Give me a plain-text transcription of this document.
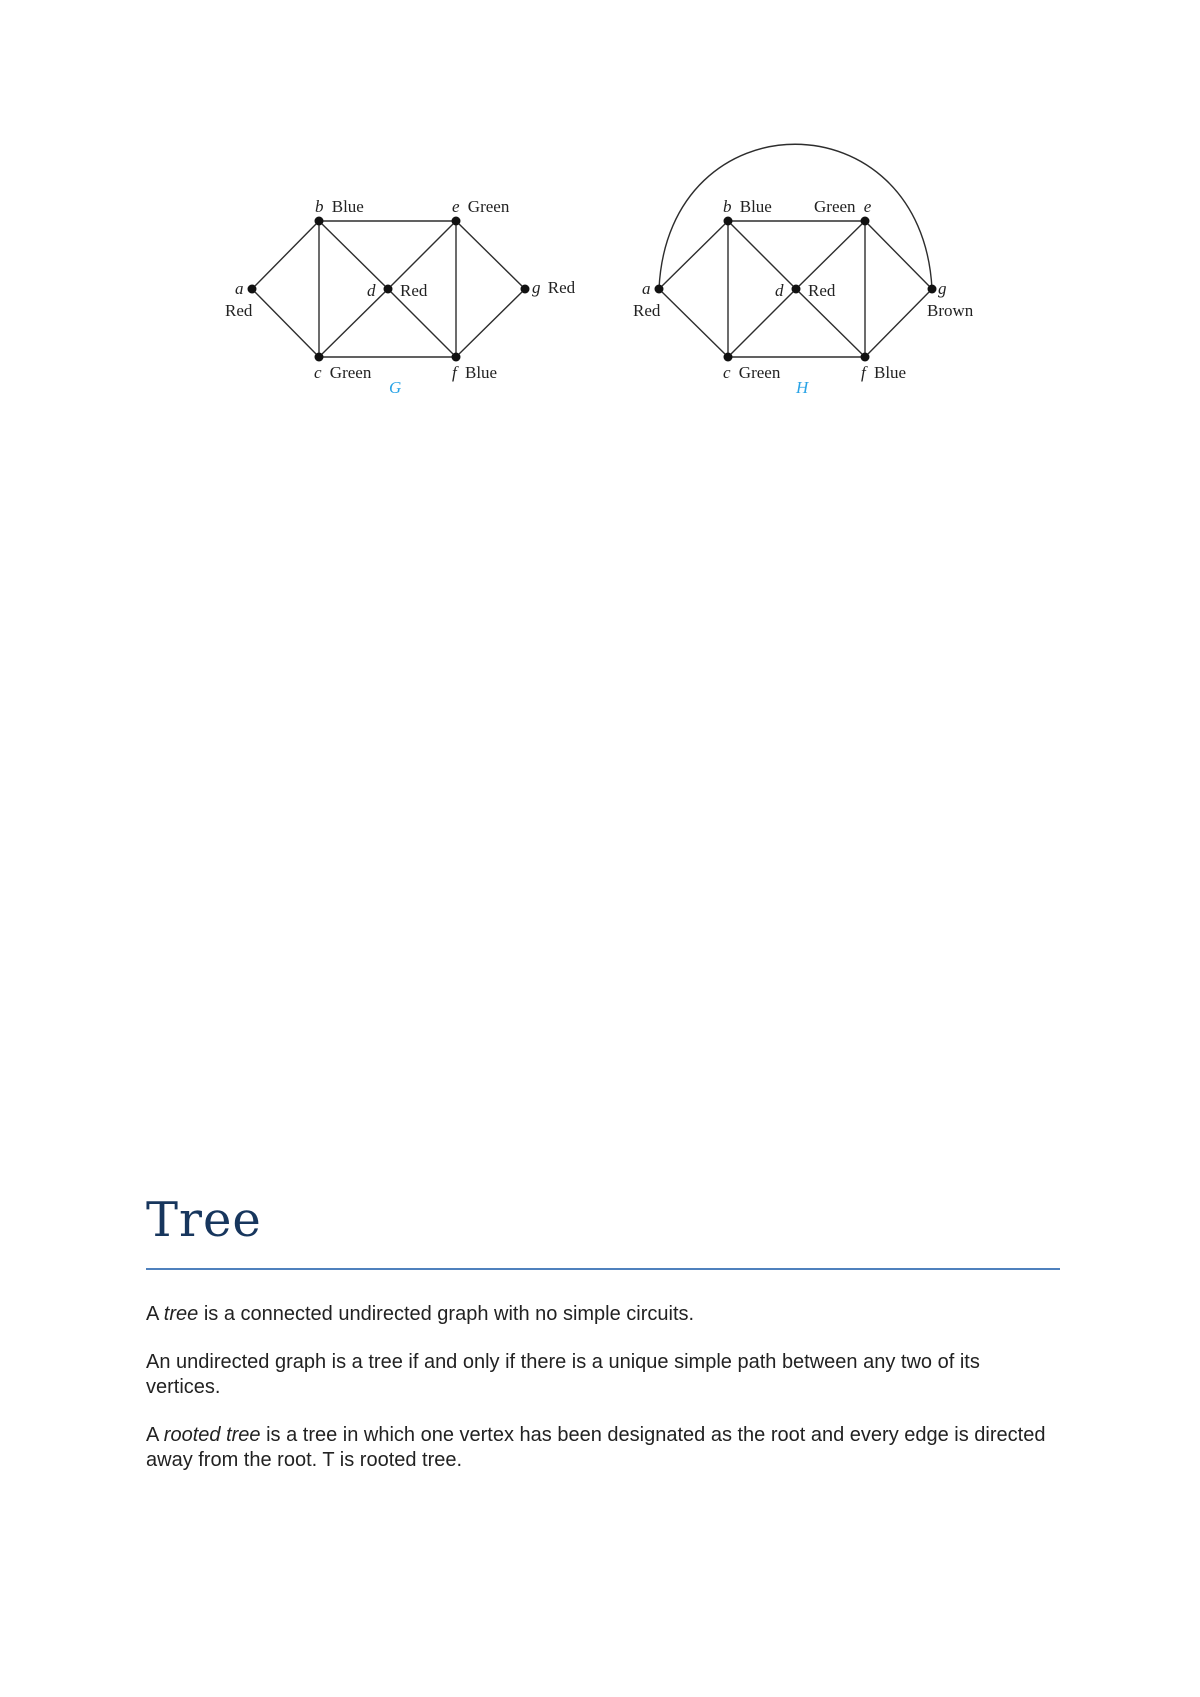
a
Red
b Blue
c Green
d Red
e Green
f Blue
g Red
G
a
Red
b Blue
c Green
d Red
Green e
f Blue
g
Brown
H
Tree

A tree is a connected undirected graph with no simple circuits.

An undirected graph is a tree if and only if there is a unique simple path between any two of its vertices.

A rooted tree is a tree in which one vertex has been designated as the root and every edge is directed away from the root. T is rooted tree.
